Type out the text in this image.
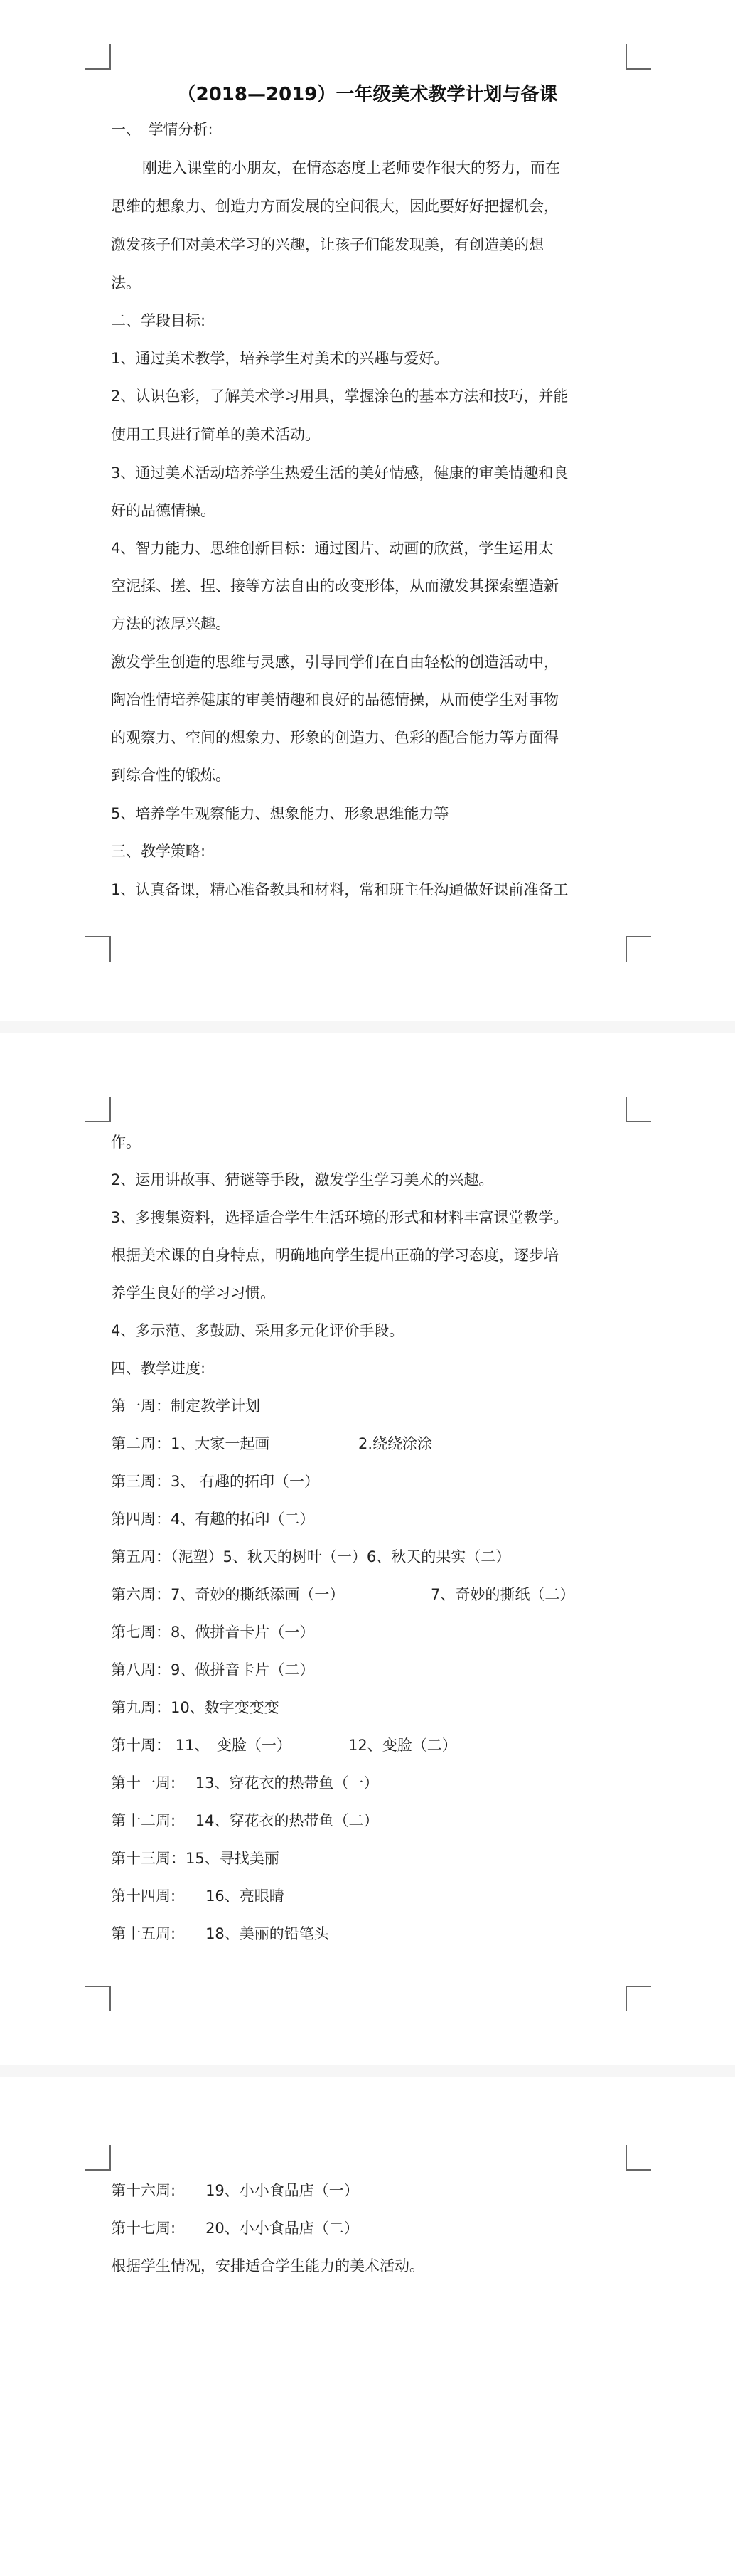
（2018—2019）一年级美术教学计划与备课
一、　学情分析:
刚进入课堂的小朋友，在情态态度上老师要作很大的努力，而在
思维的想象力、创造力方面发展的空间很大，因此要好好把握机会，
激发孩子们对美术学习的兴趣，让孩子们能发现美，有创造美的想
法。
二、学段目标:
1、通过美术教学，培养学生对美术的兴趣与爱好。
2、认识色彩，了解美术学习用具，掌握涂色的基本方法和技巧，并能
使用工具进行简单的美术活动。
3、通过美术活动培养学生热爱生活的美好情感，健康的审美情趣和良
好的品德情操。
4、智力能力、思维创新目标：通过图片、动画的欣赏，学生运用太
空泥揉、搓、捏、接等方法自由的改变形体，从而激发其探索塑造新
方法的浓厚兴趣。
激发学生创造的思维与灵感，引导同学们在自由轻松的创造活动中，
陶冶性情培养健康的审美情趣和良好的品德情操，从而使学生对事物
的观察力、空间的想象力、形象的创造力、色彩的配合能力等方面得
到综合性的锻炼。
5、培养学生观察能力、想象能力、形象思维能力等
三、教学策略:
1、认真备课，精心准备教具和材料，常和班主任沟通做好课前准备工
作。
2、运用讲故事、猜谜等手段，激发学生学习美术的兴趣。
3、多搜集资料，选择适合学生生活环境的形式和材料丰富课堂教学。
根据美术课的自身特点，明确地向学生提出正确的学习态度，逐步培
养学生良好的学习习惯。
4、多示范、多鼓励、采用多元化评价手段。
四、教学进度:
第一周：制定教学计划
第二周：1、大家一起画	2.绕绕涂涂
第三周：3、 有趣的拓印（一）
第四周：4、有趣的拓印（二）
第五周：（泥塑）5、秋天的树叶（一）6、秋天的果实（二）
第六周：7、奇妙的撕纸添画（一）	7、奇妙的撕纸（二）
第七周：8、做拼音卡片（一）
第八周：9、做拼音卡片（二）
第九周：10、数字变变变
第十周： 11、　变脸（一）	12、变脸（二）
第十一周:　 13、穿花衣的热带鱼（一）
第十二周:　 14、穿花衣的热带鱼（二）
第十三周：15、寻找美丽
第十四周:　　16、亮眼睛
第十五周:　　18、美丽的铅笔头
第十六周:　　19、小小食品店（一）
第十七周:　　20、小小食品店（二）
根据学生情况，安排适合学生能力的美术活动。
